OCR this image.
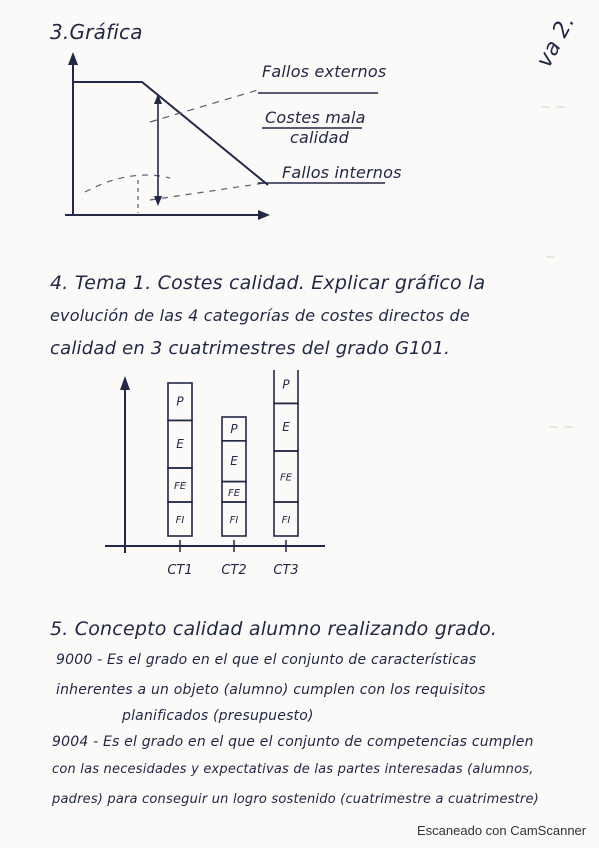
~ ~
~
~ ~
va 2.
3.Gráfica
Fallos externos
Costes mala
calidad
Fallos internos
4. Tema 1. Costes calidad. Explicar gráfico la
evolución de las 4 categorías de costes directos de
calidad en 3 cuatrimestres del grado G101.
FI
FE
E
P
CT1
FI
FE
E
P
CT2
FI
FE
E
P
CT3
5. Concepto calidad alumno realizando grado.
9000 - Es el grado en el que el conjunto de características
inherentes a un objeto (alumno) cumplen con los requisitos
planificados (presupuesto)
9004 - Es el grado en el que el conjunto de competencias cumplen
con las necesidades y expectativas de las partes interesadas (alumnos,
padres) para conseguir un logro sostenido (cuatrimestre a cuatrimestre)
Escaneado con CamScanner
